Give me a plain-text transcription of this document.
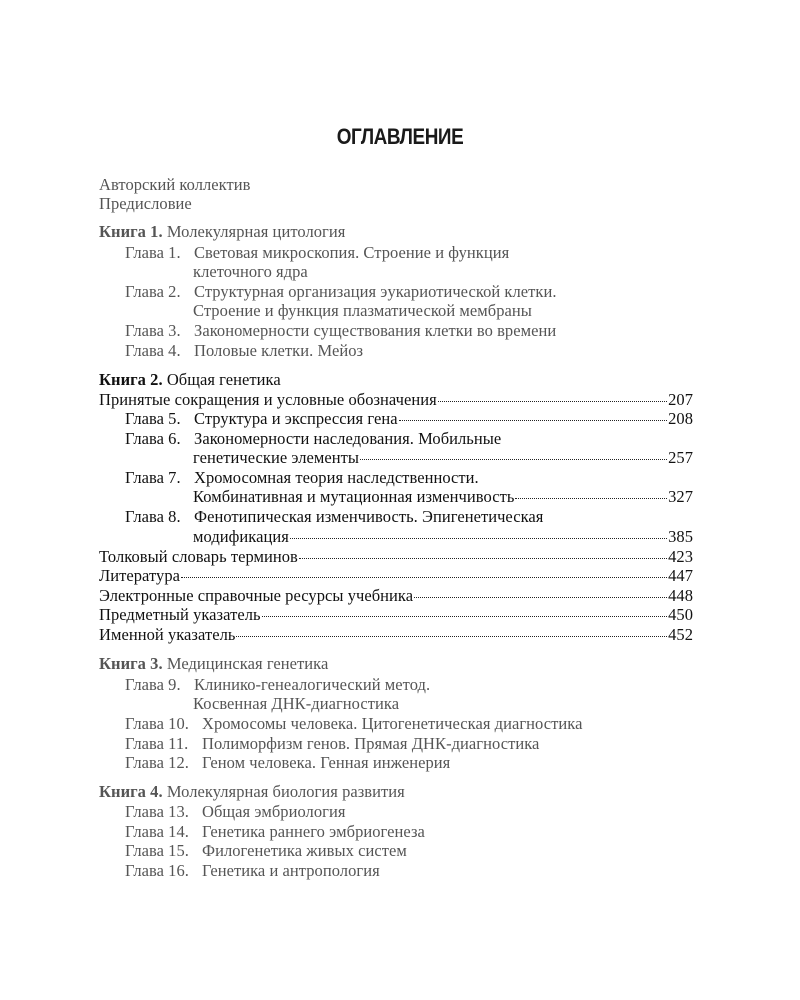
ОГЛАВЛЕНИЕ
Авторский коллектив
Предисловие
Книга 1. Молекулярная цитология
Глава 1. Световая микроскопия. Строение и функция
клеточного ядра
Глава 2. Структурная организация эукариотической клетки.
Строение и функция плазматической мембраны
Глава 3. Закономерности существования клетки во времени
Глава 4. Половые клетки. Мейоз
Книга 2. Общая генетика
Принятые сокращения и условные обозначения	207
Глава 5. Структура и экспрессия гена	208
Глава 6. Закономерности наследования. Мобильные
генетические элементы	257
Глава 7. Хромосомная теория наследственности.
Комбинативная и мутационная изменчивость	327
Глава 8. Фенотипическая изменчивость. Эпигенетическая
модификация	385
Толковый словарь терминов	423
Литература	447
Электронные справочные ресурсы учебника	448
Предметный указатель	450
Именной указатель	452
Книга 3. Медицинская генетика
Глава 9. Клинико-генеалогический метод.
Косвенная ДНК-диагностика
Глава 10. Хромосомы человека. Цитогенетическая диагностика
Глава 11. Полиморфизм генов. Прямая ДНК-диагностика
Глава 12. Геном человека. Генная инженерия
Книга 4. Молекулярная биология развития
Глава 13. Общая эмбриология
Глава 14. Генетика раннего эмбриогенеза
Глава 15. Филогенетика живых систем
Глава 16. Генетика и антропология
